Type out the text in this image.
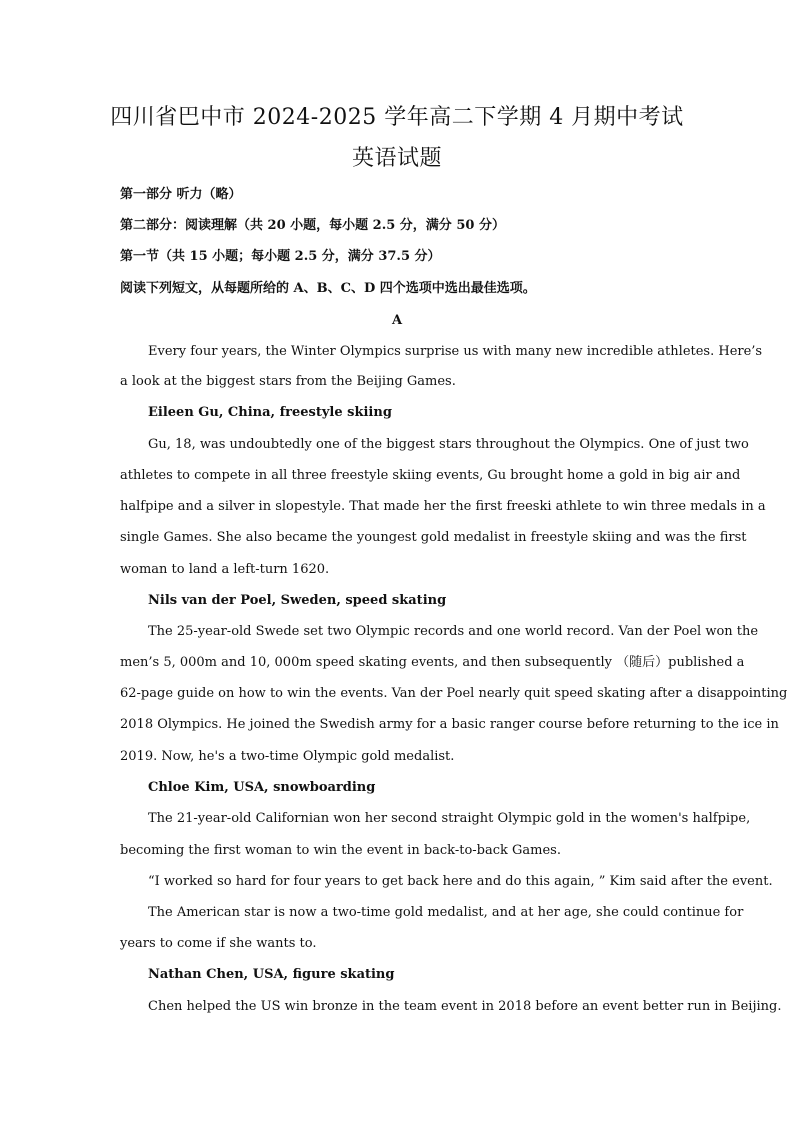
四川省巴中市 2024-2025 学年高二下学期 4 月期中考试
英语试题
第一部分 听力（略）
第二部分：阅读理解（共 20 小题，每小题 2.5 分，满分 50 分）
第一节（共 15 小题；每小题 2.5 分，满分 37.5 分）
阅读下列短文，从每题所给的 A、B、C、D 四个选项中选出最佳选项。
A
Every four years, the Winter Olympics surprise us with many new incredible athletes. Here’s
a look at the biggest stars from the Beijing Games.
Eileen Gu, China, freestyle skiing
Gu, 18, was undoubtedly one of the biggest stars throughout the Olympics. One of just two
athletes to compete in all three freestyle skiing events, Gu brought home a gold in big air and
halfpipe and a silver in slopestyle. That made her the first freeski athlete to win three medals in a
single Games. She also became the youngest gold medalist in freestyle skiing and was the first
woman to land a left-turn 1620.
Nils van der Poel, Sweden, speed skating
The 25-year-old Swede set two Olympic records and one world record. Van der Poel won the
men’s 5, 000m and 10, 000m speed skating events, and then subsequently （随后）published a
62-page guide on how to win the events. Van der Poel nearly quit speed skating after a disappointing
2018 Olympics. He joined the Swedish army for a basic ranger course before returning to the ice in
2019. Now, he's a two-time Olympic gold medalist.
Chloe Kim, USA, snowboarding
The 21-year-old Californian won her second straight Olympic gold in the women's halfpipe,
becoming the first woman to win the event in back-to-back Games.
“I worked so hard for four years to get back here and do this again, ” Kim said after the event.
The American star is now a two-time gold medalist, and at her age, she could continue for
years to come if she wants to.
Nathan Chen, USA, figure skating
Chen helped the US win bronze in the team event in 2018 before an event better run in Beijing.
